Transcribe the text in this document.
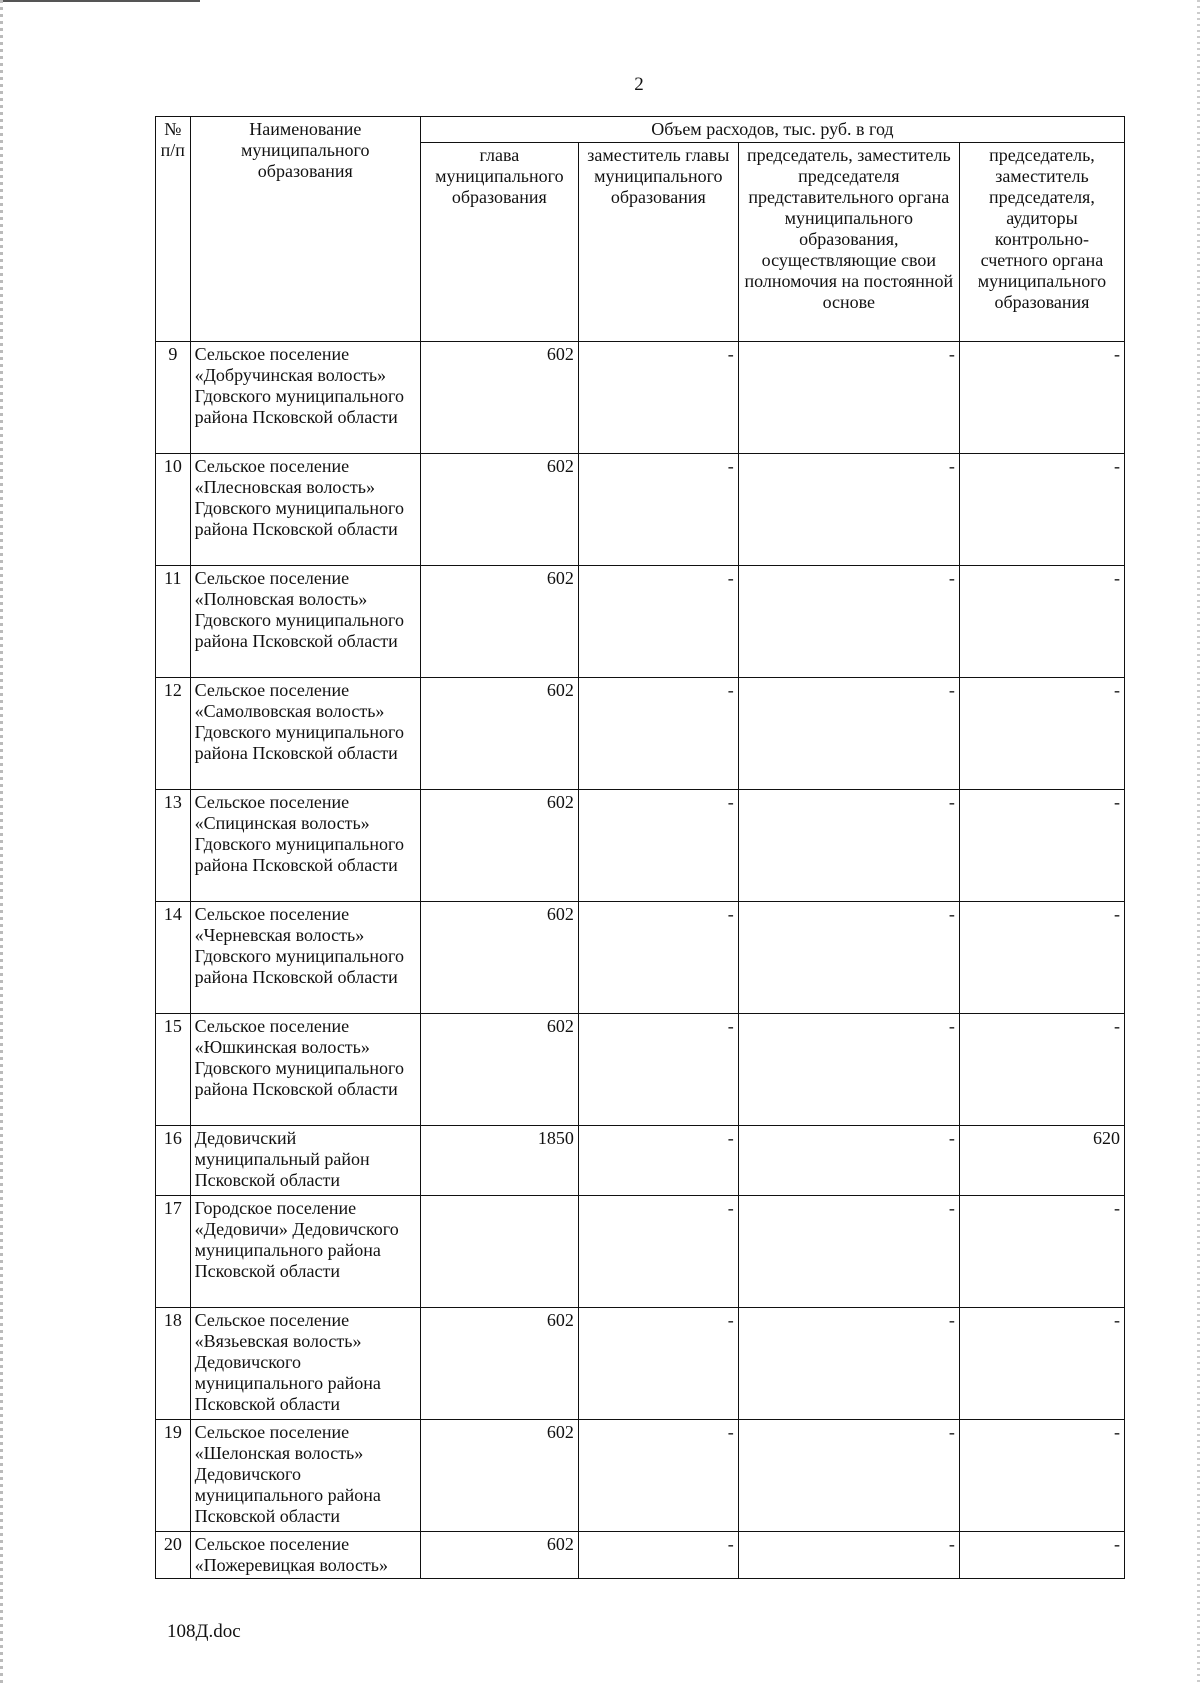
2
№ п/п	Наименование муниципального образования	Объем расходов, тыс. руб. в год			
		глава муниципального образования	заместитель главы муниципального образования	председатель, заместитель председателя представительного органа муниципального образования, осуществляющие свои полномочия на постоянной основе	председатель, заместитель председателя, аудиторы контрольно-счетного органа муниципального образования
9	Сельское поселение «Добручинская волость» Гдовского муниципального района Псковской области	602	-	-	-
10	Сельское поселение «Плесновская волость» Гдовского муниципального района Псковской области	602	-	-	-
11	Сельское поселение «Полновская волость» Гдовского муниципального района Псковской области	602	-	-	-
12	Сельское поселение «Самолвовская волость» Гдовского муниципального района Псковской области	602	-	-	-
13	Сельское поселение «Спицинская волость» Гдовского муниципального района Псковской области	602	-	-	-
14	Сельское поселение «Черневская волость» Гдовского муниципального района Псковской области	602	-	-	-
15	Сельское поселение «Юшкинская волость» Гдовского муниципального района Псковской области	602	-	-	-
16	Дедовичский муниципальный район Псковской области	1850	-	-	620
17	Городское поселение «Дедовичи» Дедовичского муниципального района Псковской области		-	-	-
18	Сельское поселение «Вязьевская волость» Дедовичского муниципального района Псковской области	602	-	-	-
19	Сельское поселение «Шелонская волость» Дедовичского муниципального района Псковской области	602	-	-	-
20	Сельское поселение «Пожеревицкая волость»	602	-	-	-
108Д.doc
